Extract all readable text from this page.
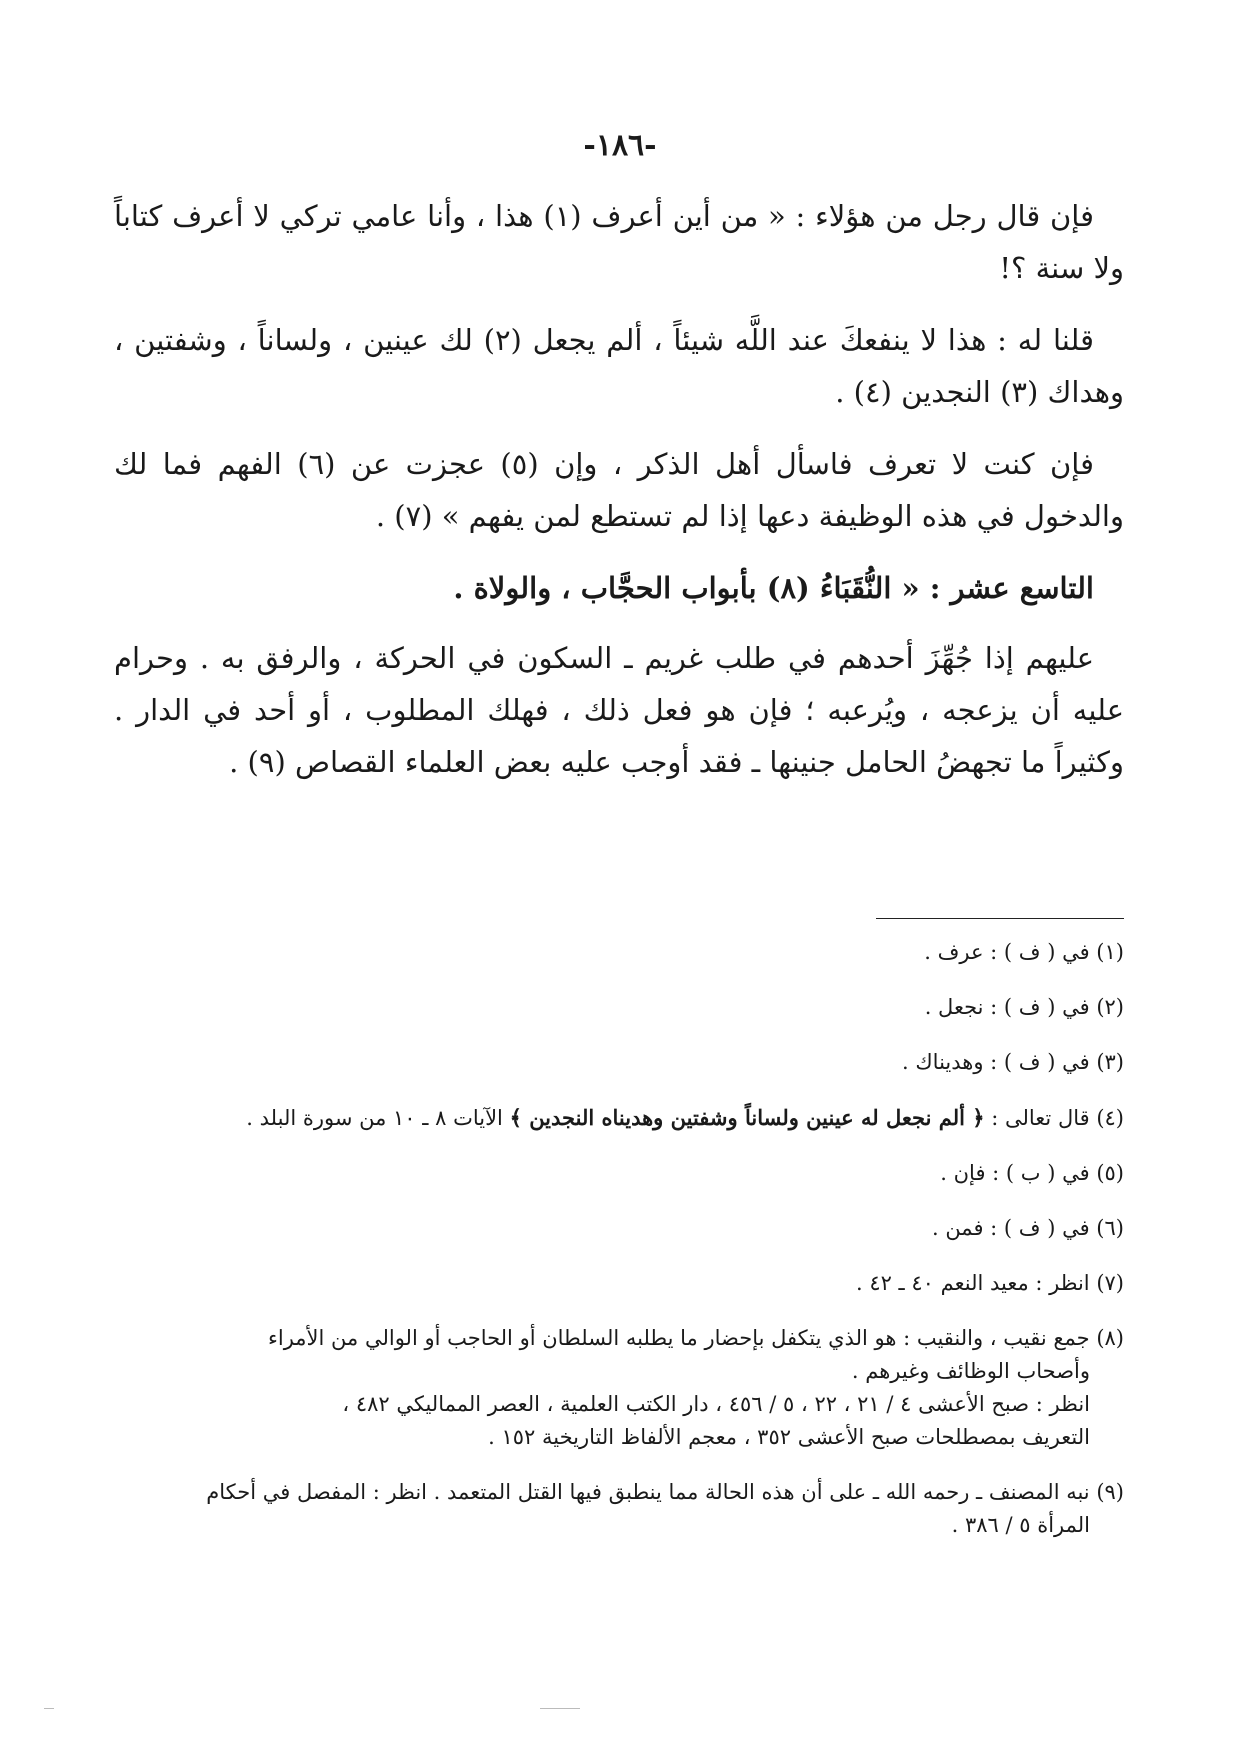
-١٨٦-

فإن قال رجل من هؤلاء : « من أين أعرف (١) هذا ، وأنا عامي تركي لا أعرف كتاباً ولا سنة ؟!

قلنا له : هذا لا ينفعكَ عند اللَّه شيئاً ، ألم يجعل (٢) لك عينين ، ولساناً ، وشفتين ، وهداك (٣) النجدين (٤) .

فإن كنت لا تعرف فاسأل أهل الذكر ، وإن (٥) عجزت عن (٦) الفهم فما لك والدخول في هذه الوظيفة دعها إذا لم تستطع لمن يفهم » (٧) .

التاسع عشر : « النُّقَبَاءُ (٨) بأبواب الحجَّاب ، والولاة .

عليهم إذا جُهِّزَ أحدهم في طلب غريم ـ السكون في الحركة ، والرفق به . وحرام عليه أن يزعجه ، ويُرعبه ؛ فإن هو فعل ذلك ، فهلك المطلوب ، أو أحد في الدار . وكثيراً ما تجهضُ الحامل جنينها ـ فقد أوجب عليه بعض العلماء القصاص (٩) .

(١) في ( ف ) : عرف .

(٢) في ( ف ) : نجعل .

(٣) في ( ف ) : وهديناك .

(٤) قال تعالى : ﴿ ألم نجعل له عينين ولساناً وشفتين وهديناه النجدين ﴾ الآيات ٨ ـ ١٠ من سورة البلد .

(٥) في ( ب ) : فإن .

(٦) في ( ف ) : فمن .

(٧) انظر : معيد النعم ٤٠ ـ ٤٢ .

(٨) جمع نقيب ، والنقيب : هو الذي يتكفل بإحضار ما يطلبه السلطان أو الحاجب أو الوالي من الأمراء

وأصحاب الوظائف وغيرهم .

انظر : صبح الأعشى ٤ / ٢١ ، ٢٢ ، ٥ / ٤٥٦ ، دار الكتب العلمية ، العصر المماليكي ٤٨٢ ،

التعريف بمصطلحات صبح الأعشى ٣٥٢ ، معجم الألفاظ التاريخية ١٥٢ .

(٩) نبه المصنف ـ رحمه الله ـ على أن هذه الحالة مما ينطبق فيها القتل المتعمد . انظر : المفصل في أحكام

المرأة ٥ / ٣٨٦ .
